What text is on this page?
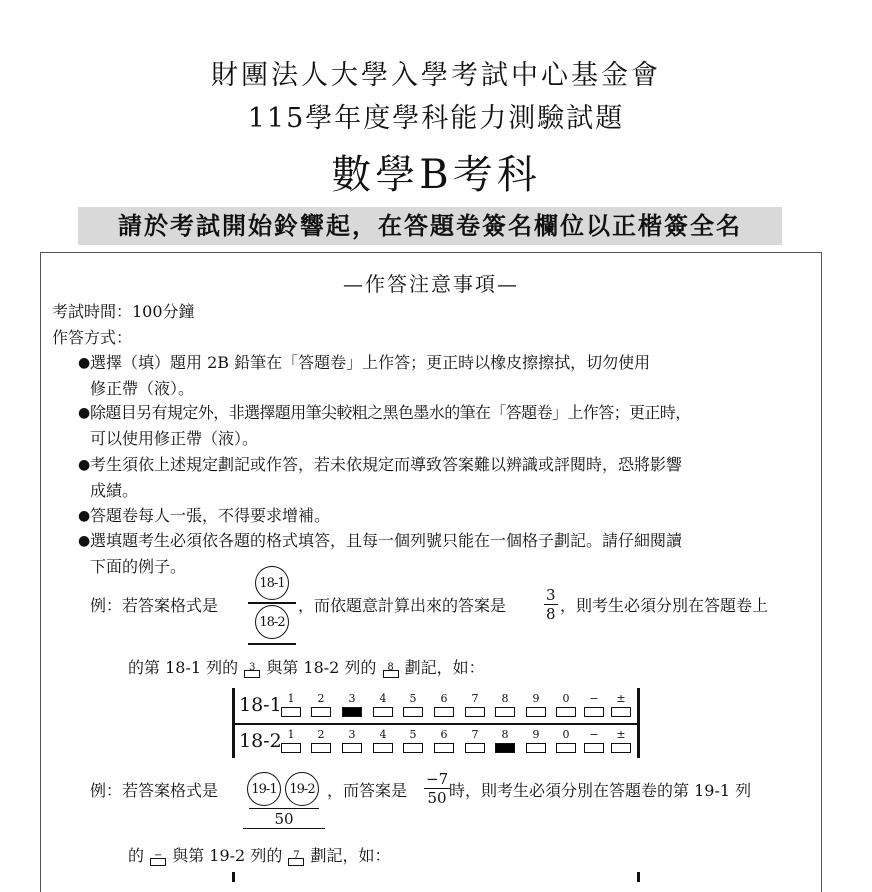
財團法人大學入學考試中心基金會
115學年度學科能力測驗試題
數學B考科
請於考試開始鈴響起，在答題卷簽名欄位以正楷簽全名
—作答注意事項—
考試時間：100分鐘
作答方式：
● 選擇（填）題用 2B 鉛筆在「答題卷」上作答；更正時以橡皮擦擦拭，切勿使用
修正帶（液）。
● 除題目另有規定外，非選擇題用筆尖較粗之黑色墨水的筆在「答題卷」上作答；更正時，
可以使用修正帶（液）。
● 考生須依上述規定劃記或作答，若未依規定而導致答案難以辨識或評閱時，恐將影響
成績。
● 答題卷每人一張，不得要求增補。
● 選填題考生必須依各題的格式填答，且每一個列號只能在一個格子劃記。請仔細閱讀
下面的例子。
例：若答案格式是
18-1
18-2
，而依題意計算出來的答案是	$\frac{3}{8}$ ，則考生必須分別在答題卷上
的第 18-1 列的	3 與第 18-2 列的	8 劃記，如：
18-1 1	2	3	4	5	6	7	8	9	0	−	±
18-2 1	2	3	4	5	6	7	8	9	0	−	±
例：若答案格式是	19-1 19-2
50
，而答案是 $\frac{-7}{50}$
時，則考生必須分別在答題卷的第 19-1 列
的 − 與第 19-2 列的	7 劃記，如：
